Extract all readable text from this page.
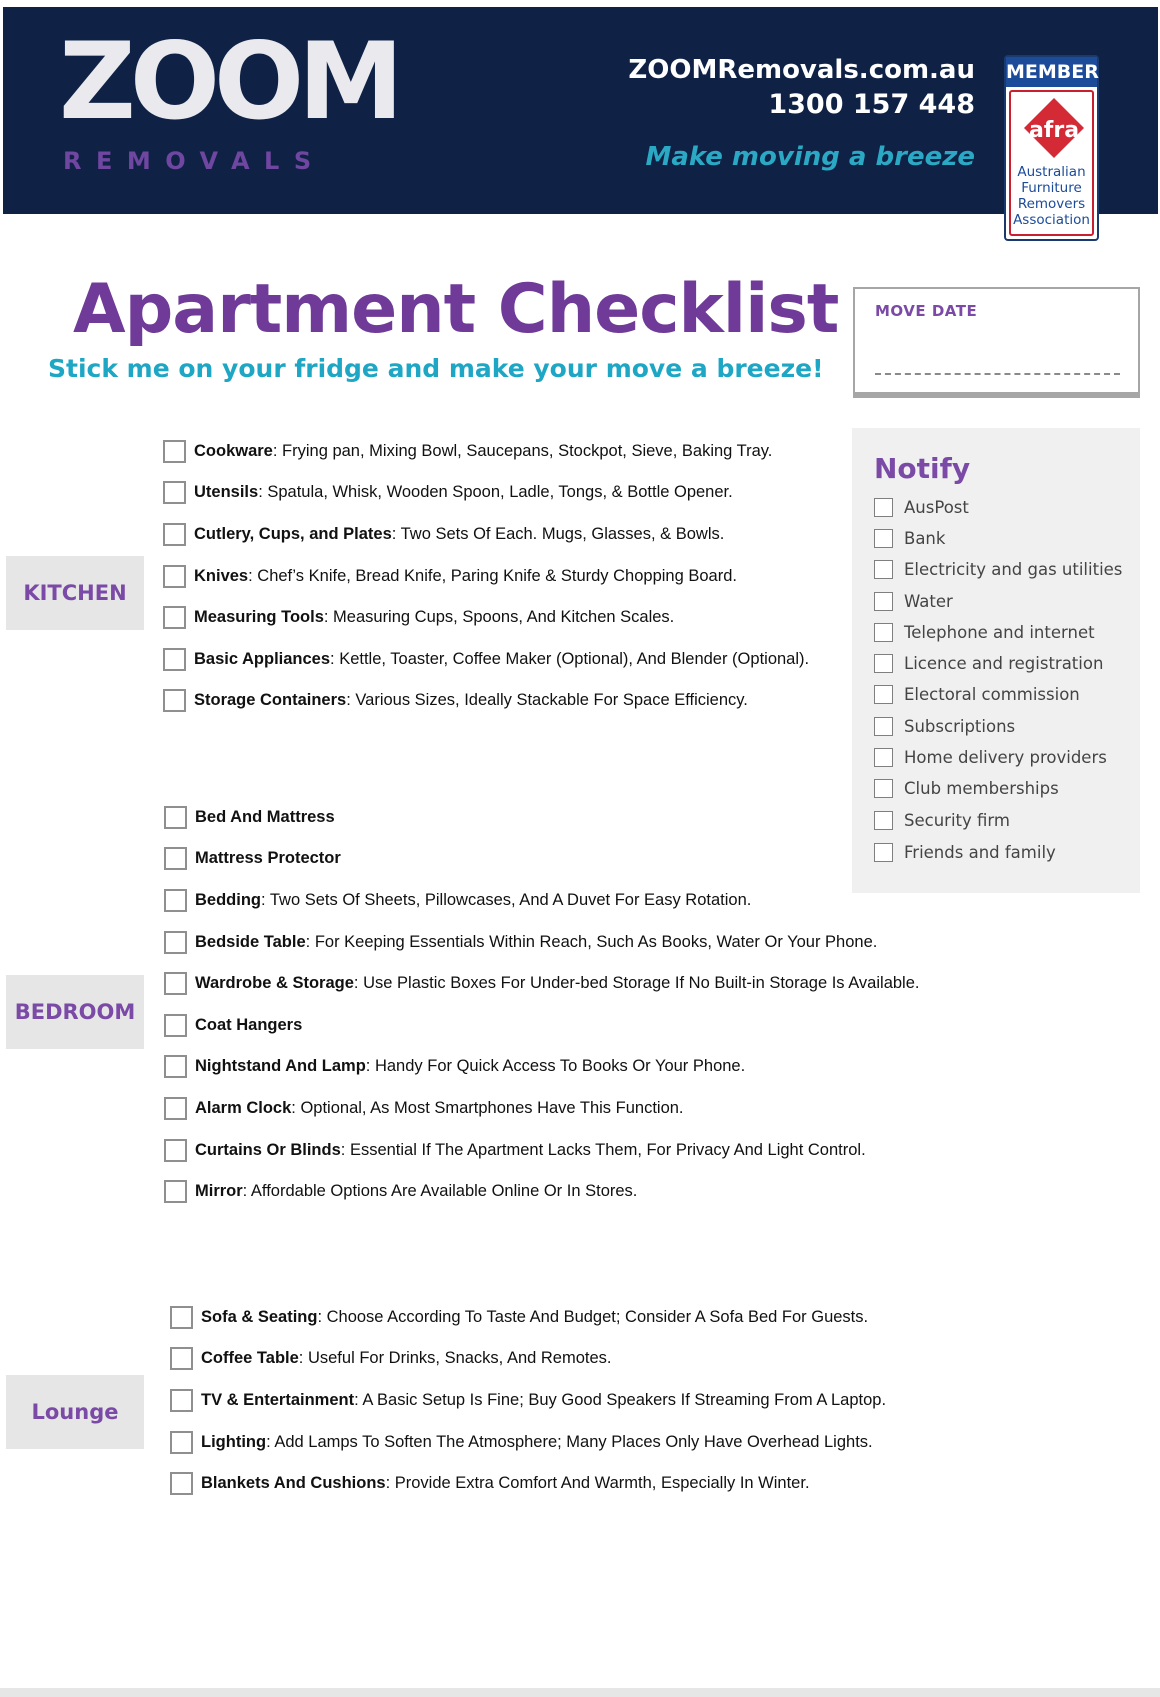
ZOOM
REMOVALS
ZOOMRemovals.com.au
1300 157 448
Make moving a breeze
MEMBER
afra
Australian
Furniture
Removers
Association
Apartment Checklist
Stick me on your fridge and make your move a breeze!
MOVE DATE
Notify
AusPost
Bank
Electricity and gas utilities
Water
Telephone and internet
Licence and registration
Electoral commission
Subscriptions
Home delivery providers
Club memberships
Security firm
Friends and family
KITCHEN
BEDROOM
Lounge
Cookware: Frying pan, Mixing Bowl, Saucepans, Stockpot, Sieve, Baking Tray.
Utensils: Spatula, Whisk, Wooden Spoon, Ladle, Tongs, & Bottle Opener.
Cutlery, Cups, and Plates: Two Sets Of Each. Mugs, Glasses, & Bowls.
Knives: Chef’s Knife, Bread Knife, Paring Knife & Sturdy Chopping Board.
Measuring Tools: Measuring Cups, Spoons, And Kitchen Scales.
Basic Appliances: Kettle, Toaster, Coffee Maker (Optional), And Blender (Optional).
Storage Containers: Various Sizes, Ideally Stackable For Space Efficiency.
Bed And Mattress
Mattress Protector
Bedding: Two Sets Of Sheets, Pillowcases, And A Duvet For Easy Rotation.
Bedside Table: For Keeping Essentials Within Reach, Such As Books, Water Or Your Phone.
Wardrobe & Storage: Use Plastic Boxes For Under-bed Storage If No Built-in Storage Is Available.
Coat Hangers
Nightstand And Lamp: Handy For Quick Access To Books Or Your Phone.
Alarm Clock: Optional, As Most Smartphones Have This Function.
Curtains Or Blinds: Essential If The Apartment Lacks Them, For Privacy And Light Control.
Mirror: Affordable Options Are Available Online Or In Stores.
Sofa & Seating: Choose According To Taste And Budget; Consider A Sofa Bed For Guests.
Coffee Table: Useful For Drinks, Snacks, And Remotes.
TV & Entertainment: A Basic Setup Is Fine; Buy Good Speakers If Streaming From A Laptop.
Lighting: Add Lamps To Soften The Atmosphere; Many Places Only Have Overhead Lights.
Blankets And Cushions: Provide Extra Comfort And Warmth, Especially In Winter.
